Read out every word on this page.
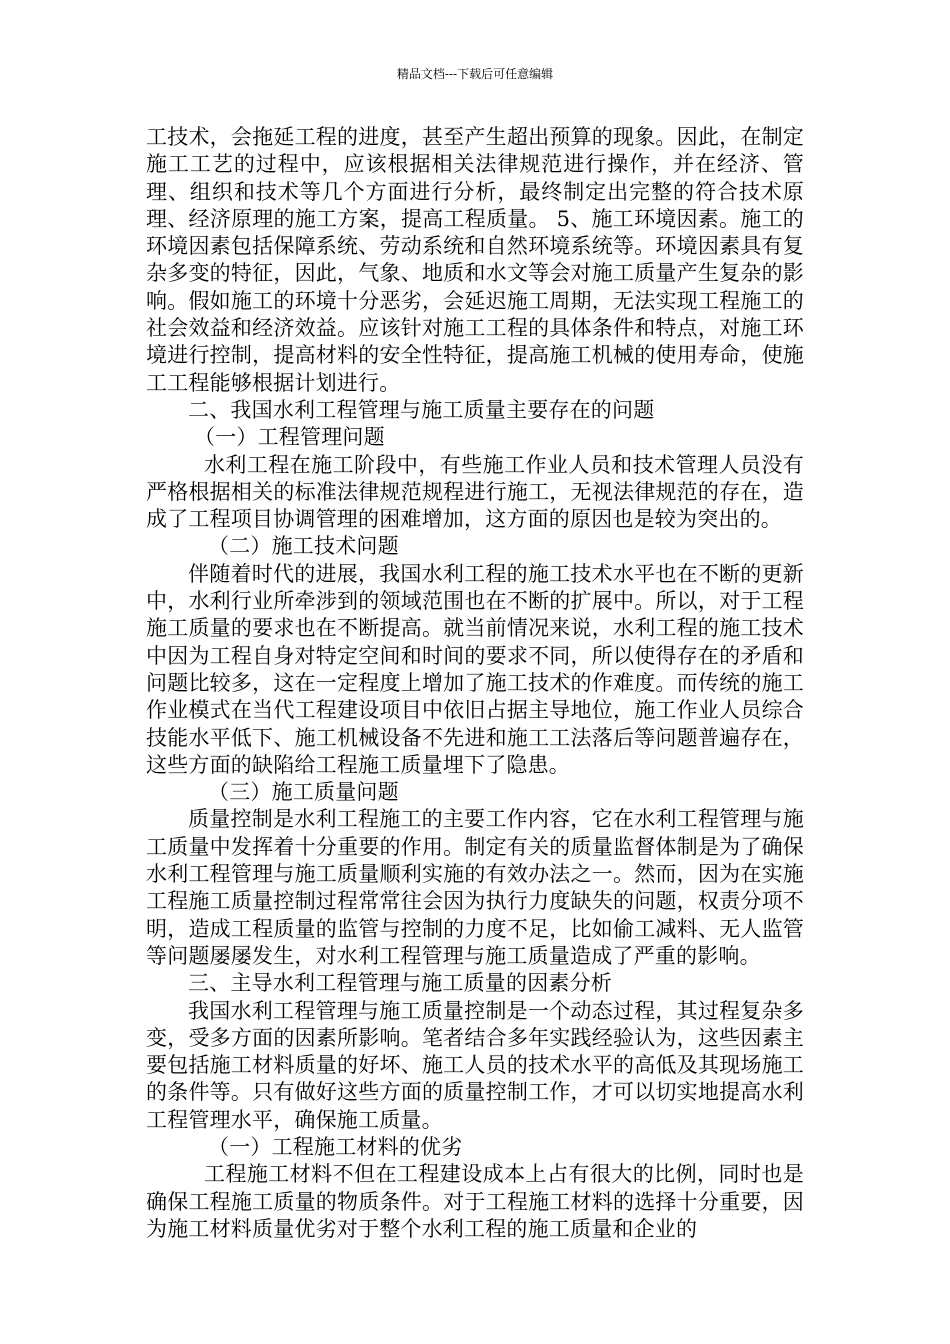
精品文档---下载后可任意编辑

工技术，会拖延工程的进度，甚至产生超出预算的现象。因此，在制定施工工艺的过程中，应该根据相关法律规范进行操作，并在经济、管理、组织和技术等几个方面进行分析，最终制定出完整的符合技术原理、经济原理的施工方案，提高工程质量。 5、施工环境因素。施工的环境因素包括保障系统、劳动系统和自然环境系统等。环境因素具有复杂多变的特征，因此，气象、地质和水文等会对施工质量产生复杂的影响。假如施工的环境十分恶劣，会延迟施工周期，无法实现工程施工的社会效益和经济效益。应该针对施工工程的具体条件和特点，对施工环境进行控制，提高材料的安全性特征，提高施工机械的使用寿命，使施工工程能够根据计划进行。

二、我国水利工程管理与施工质量主要存在的问题

（一）工程管理问题

水利工程在施工阶段中，有些施工作业人员和技术管理人员没有严格根据相关的标准法律规范规程进行施工，无视法律规范的存在，造成了工程项目协调管理的困难增加，这方面的原因也是较为突出的。

（二）施工技术问题

伴随着时代的进展，我国水利工程的施工技术水平也在不断的更新中，水利行业所牵涉到的领域范围也在不断的扩展中。所以，对于工程施工质量的要求也在不断提高。就当前情况来说，水利工程的施工技术中因为工程自身对特定空间和时间的要求不同，所以使得存在的矛盾和问题比较多，这在一定程度上增加了施工技术的作难度。而传统的施工作业模式在当代工程建设项目中依旧占据主导地位，施工作业人员综合技能水平低下、施工机械设备不先进和施工工法落后等问题普遍存在，这些方面的缺陷给工程施工质量埋下了隐患。

（三）施工质量问题

质量控制是水利工程施工的主要工作内容，它在水利工程管理与施工质量中发挥着十分重要的作用。制定有关的质量监督体制是为了确保水利工程管理与施工质量顺利实施的有效办法之一。然而，因为在实施工程施工质量控制过程常常往会因为执行力度缺失的问题，权责分项不明，造成工程质量的监管与控制的力度不足，比如偷工减料、无人监管等问题屡屡发生，对水利工程管理与施工质量造成了严重的影响。

三、主导水利工程管理与施工质量的因素分析

我国水利工程管理与施工质量控制是一个动态过程，其过程复杂多变，受多方面的因素所影响。笔者结合多年实践经验认为，这些因素主要包括施工材料质量的好坏、施工人员的技术水平的高低及其现场施工的条件等。只有做好这些方面的质量控制工作，才可以切实地提高水利工程管理水平，确保施工质量。

（一）工程施工材料的优劣

工程施工材料不但在工程建设成本上占有很大的比例，同时也是确保工程施工质量的物质条件。对于工程施工材料的选择十分重要，因为施工材料质量优劣对于整个水利工程的施工质量和企业的
